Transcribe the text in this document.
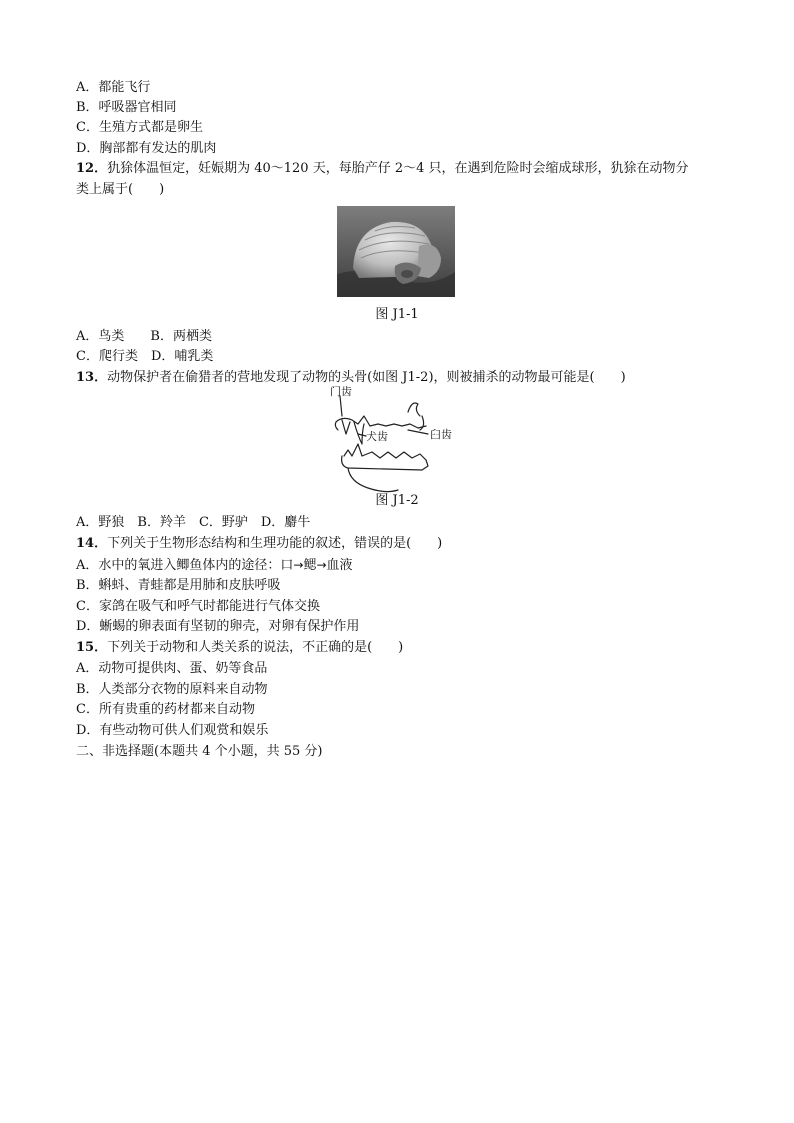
A．都能飞行
B．呼吸器官相同
C．生殖方式都是卵生
D．胸部都有发达的肌肉
12．犰狳体温恒定，妊娠期为 40～120 天，每胎产仔 2～4 只，在遇到危险时会缩成球形，犰狳在动物分
类上属于(　　)
图 J1-1
A．鸟类　　B．两栖类
C．爬行类　D．哺乳类
13．动物保护者在偷猎者的营地发现了动物的头骨(如图 J1-2)，则被捕杀的动物最可能是(　　)
门齿
犬齿	臼齿
图 J1-2
A．野狼　B．羚羊　C．野驴　D．麝牛
14．下列关于生物形态结构和生理功能的叙述，错误的是(　　)
A．水中的氧进入鲫鱼体内的途径：口→鳃→血液
B．蝌蚪、青蛙都是用肺和皮肤呼吸
C．家鸽在吸气和呼气时都能进行气体交换
D．蜥蜴的卵表面有坚韧的卵壳，对卵有保护作用
15．下列关于动物和人类关系的说法，不正确的是(　　)
A．动物可提供肉、蛋、奶等食品
B．人类部分衣物的原料来自动物
C．所有贵重的药材都来自动物
D．有些动物可供人们观赏和娱乐
二、非选择题(本题共 4 个小题，共 55 分)
